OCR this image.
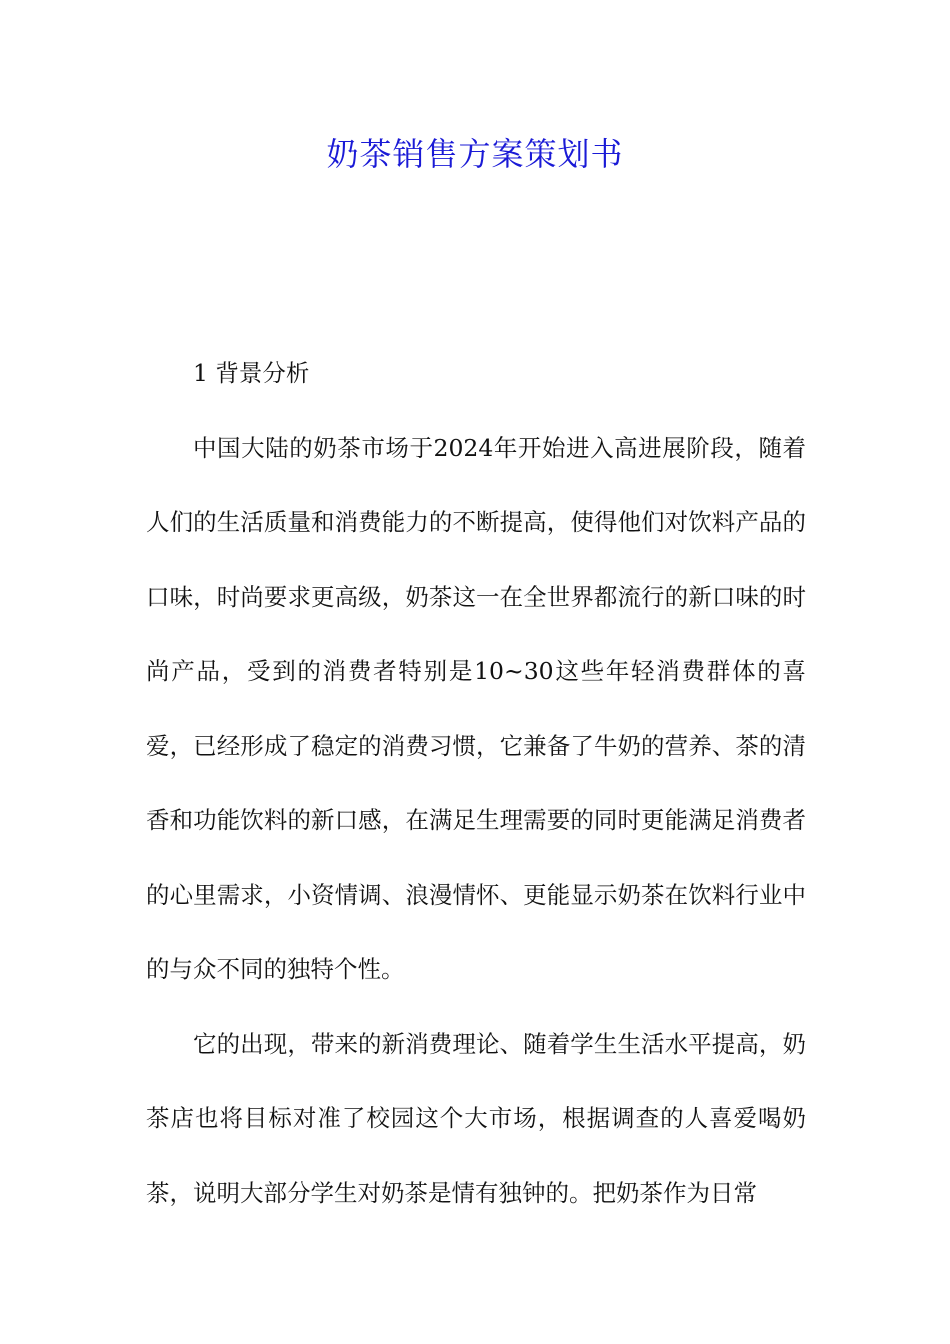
奶茶销售方案策划书

1 背景分析

中国大陆的奶茶市场于2024年开始进入高进展阶段，随着人们的生活质量和消费能力的不断提高，使得他们对饮料产品的口味，时尚要求更高级，奶茶这一在全世界都流行的新口味的时尚产品，受到的消费者特别是10~30这些年轻消费群体的喜爱，已经形成了稳定的消费习惯，它兼备了牛奶的营养、茶的清香和功能饮料的新口感，在满足生理需要的同时更能满足消费者的心里需求，小资情调、浪漫情怀、更能显示奶茶在饮料行业中的与众不同的独特个性。

它的出现，带来的新消费理论、随着学生生活水平提高，奶茶店也将目标对准了校园这个大市场，根据调查的人喜爱喝奶茶，说明大部分学生对奶茶是情有独钟的。把奶茶作为日常
